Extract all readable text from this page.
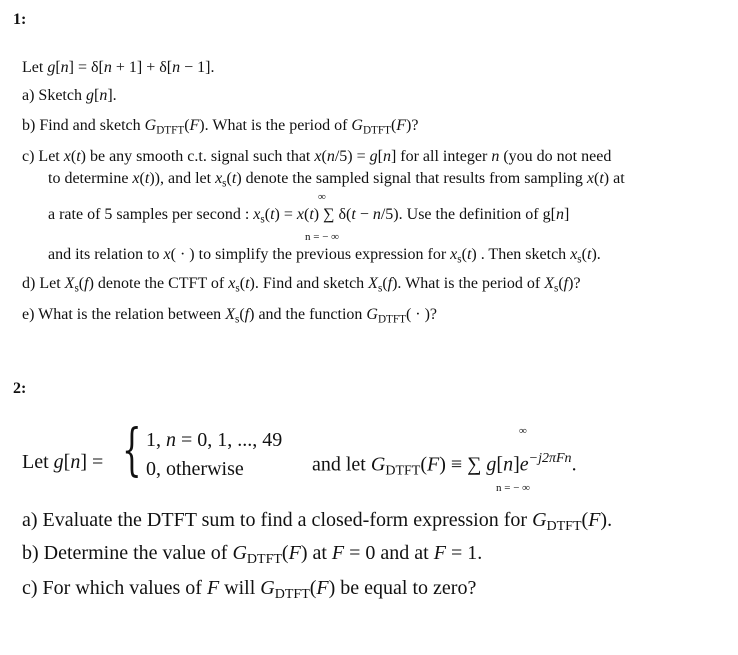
1:
Let g[n] = δ[n + 1] + δ[n − 1].
a) Sketch g[n].
b) Find and sketch $G_{DTFT}(F)$. What is the period of $G_{DTFT}(F)$?
c) Let x(t) be any smooth c.t. signal such that x(n/5) = g[n] for all integer n (you do not need
to determine x(t)), and let $x_s(t)$ denote the sampled signal that results from sampling x(t) at
∞
a rate of 5 samples per second : $x_s(t) = x(t)$ ∑ δ(t − n/5). Use the definition of g[n]
n = − ∞
and its relation to x( · ) to simplify the previous expression for $x_s(t)$ . Then sketch $x_s(t)$.
d) Let $X_s(f)$ denote the CTFT of $x_s(t)$. Find and sketch $X_s(f)$. What is the period of $X_s(f)$?
e) What is the relation between $X_s(f)$ and the function $G_{DTFT}$( · )?
2:
Let g[n] = { 1, n = 0, 1, ..., 49
0, otherwise
∞
and let $G_{DTFT}(F)$ ≡ ∑ $g[n]e^{-j2\pi Fn}$.
n = − ∞
a) Evaluate the DTFT sum to find a closed-form expression for $G_{DTFT}(F)$.
b) Determine the value of $G_{DTFT}(F)$ at F = 0 and at F = 1.
c) For which values of F will $G_{DTFT}(F)$ be equal to zero?
